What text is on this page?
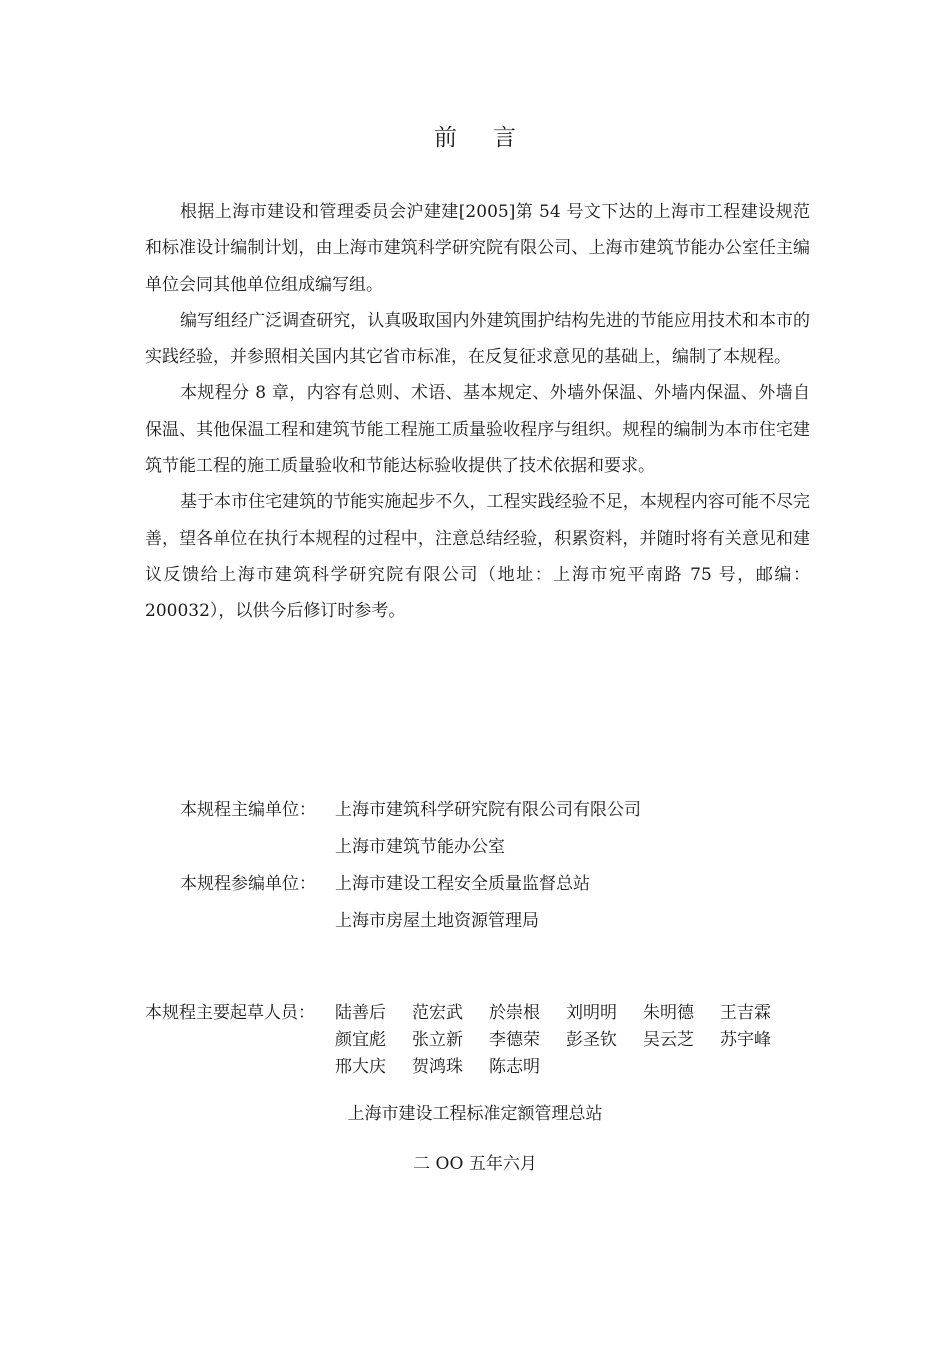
前言

根据上海市建设和管理委员会沪建建[2005]第 54 号文下达的上海市工程建设规范和标准设计编制计划，由上海市建筑科学研究院有限公司、上海市建筑节能办公室任主编单位会同其他单位组成编写组。

编写组经广泛调查研究，认真吸取国内外建筑围护结构先进的节能应用技术和本市的实践经验，并参照相关国内其它省市标准，在反复征求意见的基础上，编制了本规程。

本规程分 8 章，内容有总则、术语、基本规定、外墙外保温、外墙内保温、外墙自保温、其他保温工程和建筑节能工程施工质量验收程序与组织。规程的编制为本市住宅建筑节能工程的施工质量验收和节能达标验收提供了技术依据和要求。

基于本市住宅建筑的节能实施起步不久，工程实践经验不足，本规程内容可能不尽完善，望各单位在执行本规程的过程中，注意总结经验，积累资料，并随时将有关意见和建议反馈给上海市建筑科学研究院有限公司（地址：上海市宛平南路 75 号，邮编：200032），以供今后修订时参考。

本规程主编单位：	上海市建筑科学研究院有限公司有限公司
上海市建筑节能办公室
本规程参编单位：	上海市建设工程安全质量监督总站
上海市房屋土地资源管理局
本规程主要起草人员：	陆善后	范宏武	於崇根	刘明明	朱明德	王吉霖
颜宜彪	张立新	李德荣	彭圣钦	吴云芝	苏宇峰
邢大庆	贺鸿珠	陈志明
上海市建设工程标准定额管理总站
二 OO 五年六月
